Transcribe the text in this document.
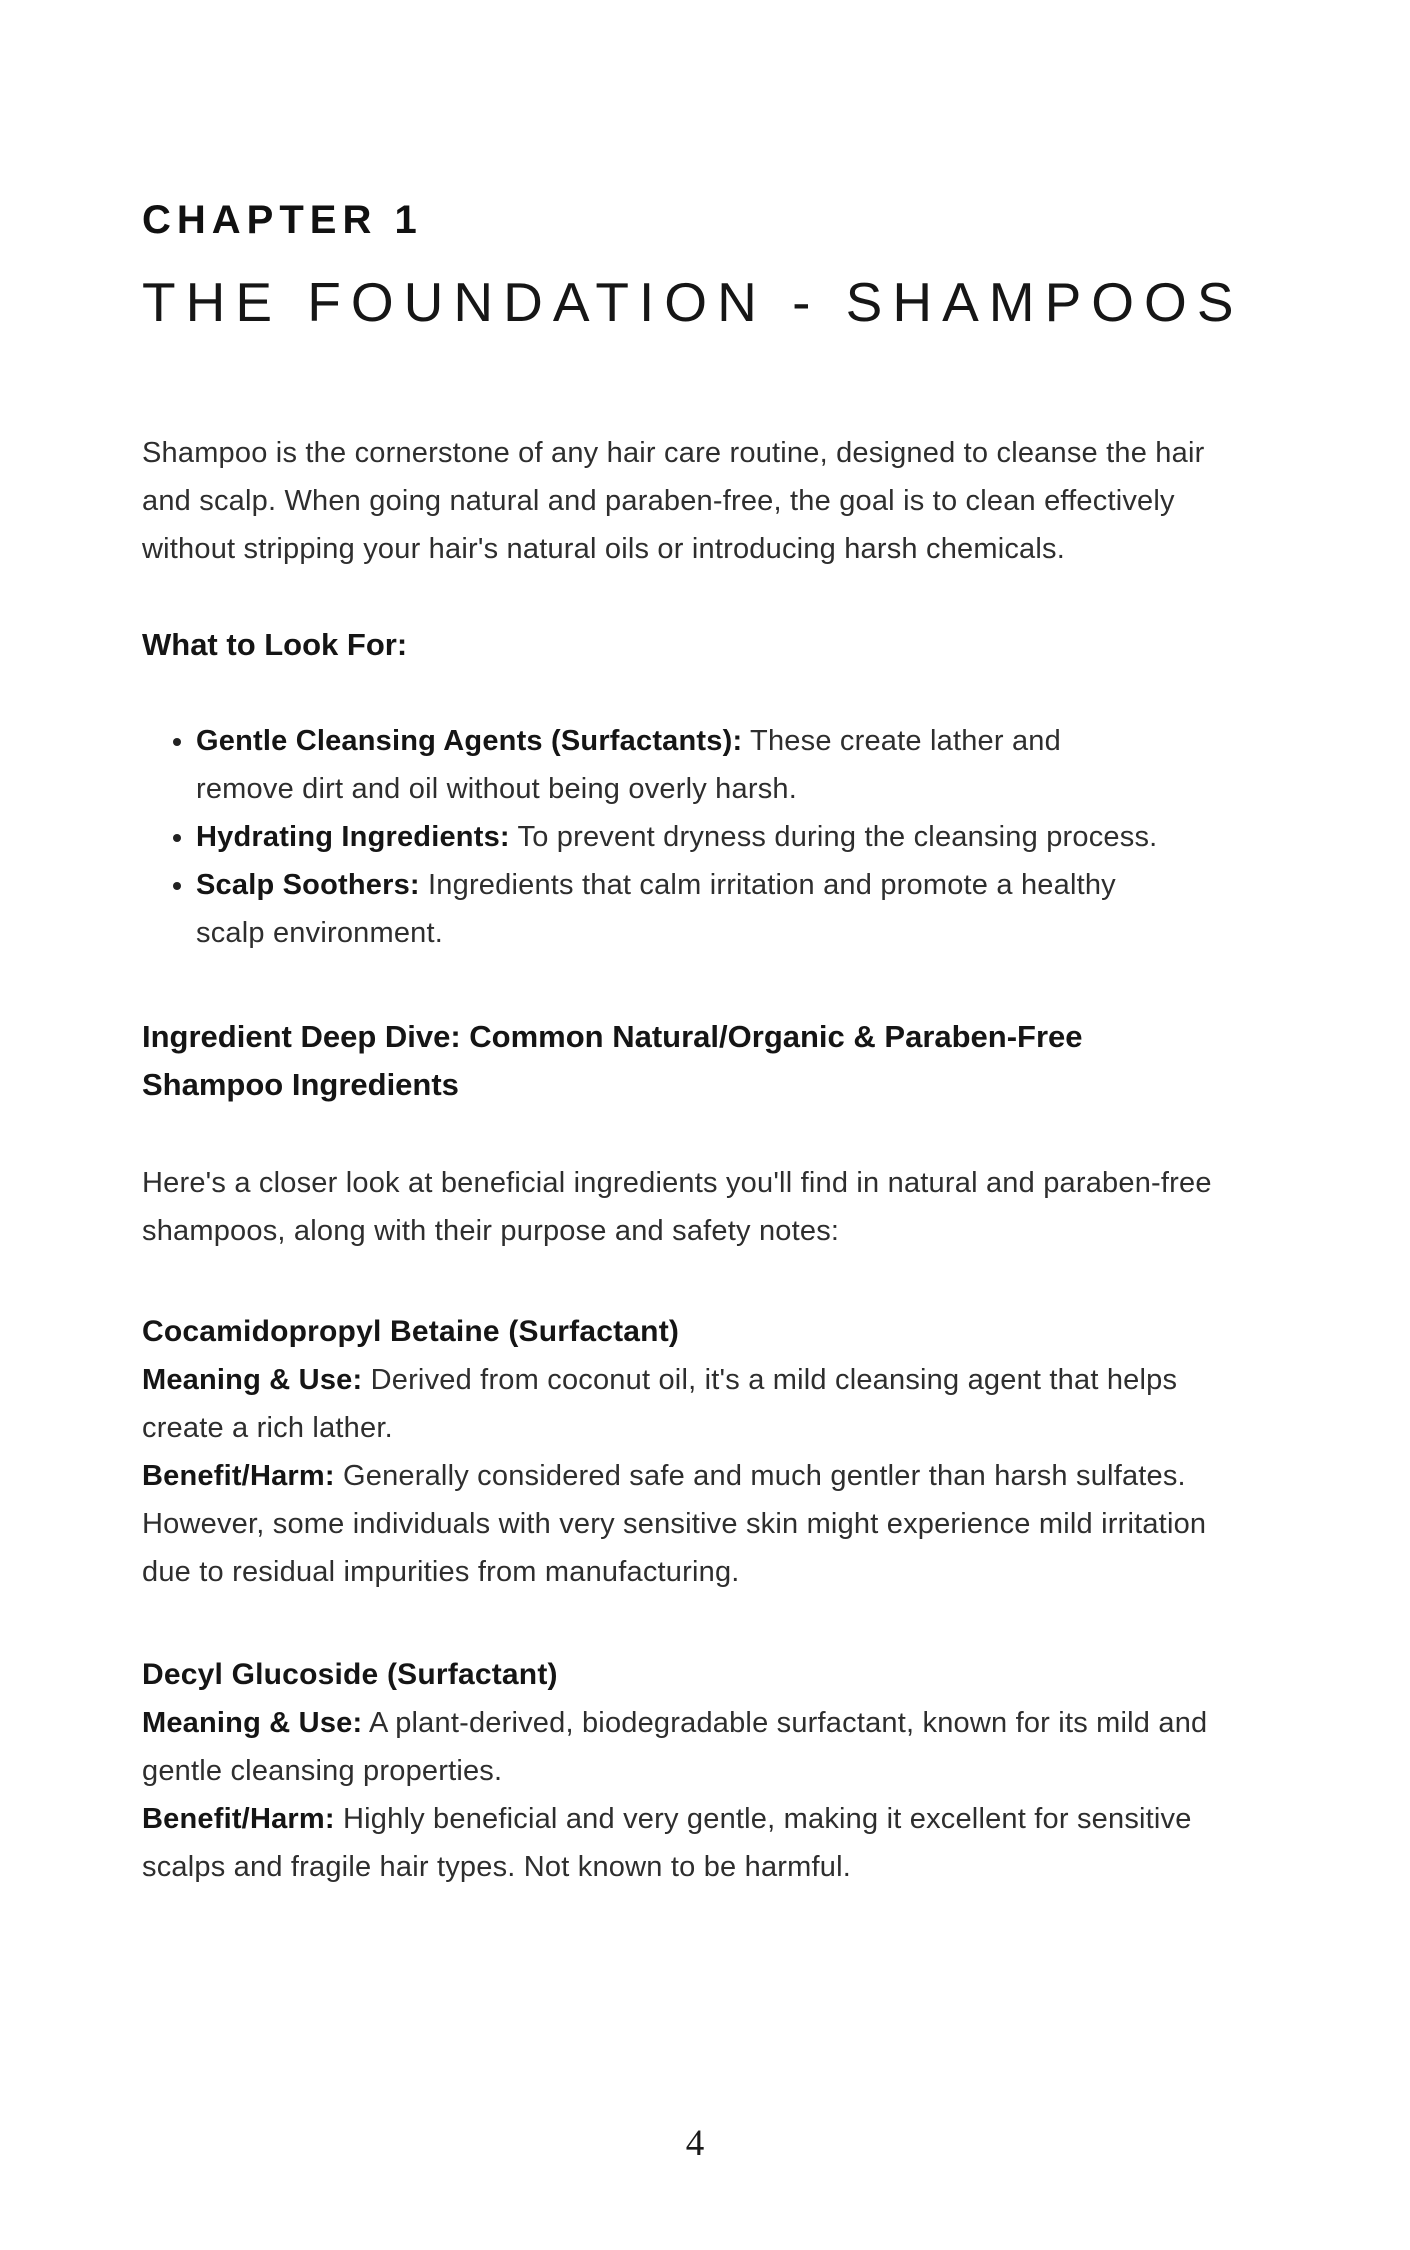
CHAPTER 1
THE FOUNDATION - SHAMPOOS

Shampoo is the cornerstone of any hair care routine, designed to cleanse the hair and scalp. When going natural and paraben-free, the goal is to clean effectively without stripping your hair's natural oils or introducing harsh chemicals.

What to Look For:
• Gentle Cleansing Agents (Surfactants): These create lather and remove dirt and oil without being overly harsh.
• Hydrating Ingredients: To prevent dryness during the cleansing process.
• Scalp Soothers: Ingredients that calm irritation and promote a healthy scalp environment.
Ingredient Deep Dive: Common Natural/Organic & Paraben-Free Shampoo Ingredients

Here's a closer look at beneficial ingredients you'll find in natural and paraben-free shampoos, along with their purpose and safety notes:

Cocamidopropyl Betaine (Surfactant)

Meaning & Use: Derived from coconut oil, it's a mild cleansing agent that helps create a rich lather.

Benefit/Harm: Generally considered safe and much gentler than harsh sulfates. However, some individuals with very sensitive skin might experience mild irritation due to residual impurities from manufacturing.

Decyl Glucoside (Surfactant)

Meaning & Use: A plant-derived, biodegradable surfactant, known for its mild and gentle cleansing properties.

Benefit/Harm: Highly beneficial and very gentle, making it excellent for sensitive scalps and fragile hair types. Not known to be harmful.

4
